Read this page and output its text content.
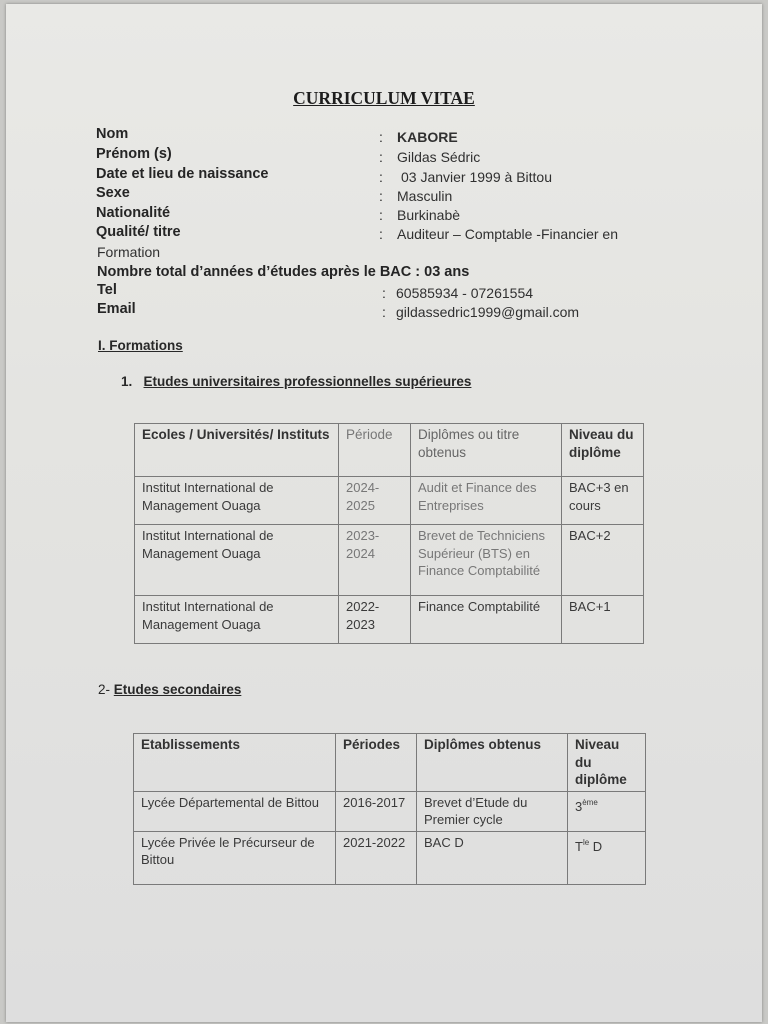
CURRICULUM VITAE
Nom	: KABORE
Prénom (s)	: Gildas Sédric
Date et lieu de naissance	: 03 Janvier 1999 à Bittou
Sexe	: Masculin
Nationalité	: Burkinabè
Qualité/ titre	: Auditeur – Comptable -Financier en
Formation
Nombre total d’années d’études après le BAC : 03 ans
Tel	: 60585934 - 07261554
Email	: gildassedric1999@gmail.com
I. Formations
1. Etudes universitaires professionnelles supérieures
Ecoles / Universités/ Instituts	Période	Diplômes ou titre obtenus	Niveau du diplôme
Institut International de Management Ouaga	2024-2025	Audit et Finance des Entreprises	BAC+3 en cours
Institut International de Management Ouaga	2023-2024	Brevet de Techniciens Supérieur (BTS) en Finance Comptabilité	BAC+2
Institut International de Management Ouaga	2022-2023	Finance Comptabilité	BAC+1
2- Etudes secondaires
Etablissements	Périodes	Diplômes obtenus	Niveau du diplôme
Lycée Départemental de Bittou	2016-2017	Brevet d’Etude du Premier cycle	3ème
Lycée Privée le Précurseur de Bittou	2021-2022	BAC D	$T^{le}$ D
